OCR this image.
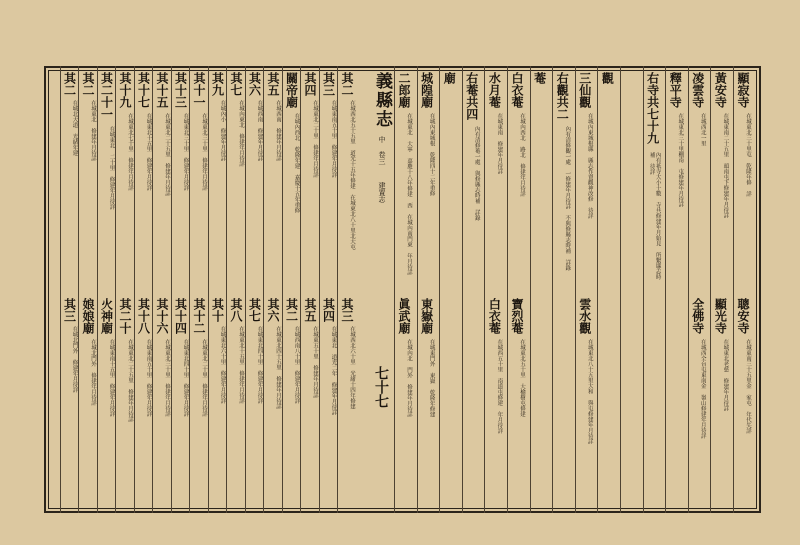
顯寂寺
在城東北三十里屯 乾隆年修 詳
聰安寺
在城東南三十五里金 家屯 年代失詳
黃安寺
在城東南二十五里 頭南屯下修建年月待詳
顯光寺
在城東北老慈 修建年月待詳
凌雲寺
在城西北一里
全佛寺
在城西全台屯東南金 嶺山修建年月待詳
釋平寺
在城東北三十里棚南 屯修建年月待詳
右寺共七十九
內有祇寺大小十數 寺共修建年月始見 所繫縣志時補 待詳
觀
三仙觀
在城內東城根縣 縣志作賣觀神改修 待詳
雲水觀
在城東北八十五里大和 與屯修建年月待詳
右觀共二
內有清修觀一處 一修建年月待詳 不與修縣志時補 詳錄
菴
白衣菴
在城內西北 路北 修建年月待詳
寶烈菴
在城東北五十里 大榆樹屯修建
水月菴
在城東南 修建年月待詳
白衣菴
在城西五十里 南道屯修建 年月待詳
右菴共四
內有清修菴一處 與修縣志時補 詳錄
廟
城隍廟
在城內東城根 乾隆四十二年重修
東嶽廟
在城東門外 東嶽 乾隆年修建
二郎廟
在城東北 大寧 嘉慶十八年修建 西 在城內南門東 年月待詳
眞武廟
在城內北 門外 修建年月待詳
其二
在城西北五十五里 道光十五年修建 在城東北八十里北大屯
其三
在城西北六十里 光緒十四年修建
其三
在城東南五十里 修建年月待詳
其四
在城東北 道光二年 修建年月待詳
其四
在城東北二十里 修建年月待詳
其五
在城東五十里 修建年月待詳
關帝廟
在城內西北 乾隆年建 嘉慶十五年重修
其二
在城西南八十里 修建年月待詳
其五
在城西南 修建年月待詳
其六
在城東北四十五里 修建年月待詳
其六
在城西南 修建年月待詳
其七
在城東北四十里 修建年月待詳
其七
在城內東北 修建年月待詳
其八
在城東北十五里 修建年月待詳
其九
在城內小 修建年月待詳
其十
在城東北六十里 修建年月待詳
其十一
在城東北三十里 修建年月待詳
其十二
在城東北二十里 修建年月待詳
其十三
在城東北三十里 修建年月待詳
其十四
在城東北四十里 修建年月待詳
其十五
在城東北二十五里 修建年月待詳
其十六
在城東北三十里 修建年月待詳
其十七
在城東北十五里 修建年月待詳
其十八
在城東南五十里 修建年月待詳
其十九
在城東北七十里 修建年月待詳
其二十
在城東北二十五里 修建年月待詳
其二十一
在城東北 二十里 修建年月待詳
火神廟
在城東南十五里 修建年月待詳
其二
在城東北 修建年月待詳
娘娘廟
在城北門外 修建年月待詳
其二
在城北大道 光緒年建
其三
在城北門外 修建年月待詳
義縣志
中 卷三
建置志
七十七
